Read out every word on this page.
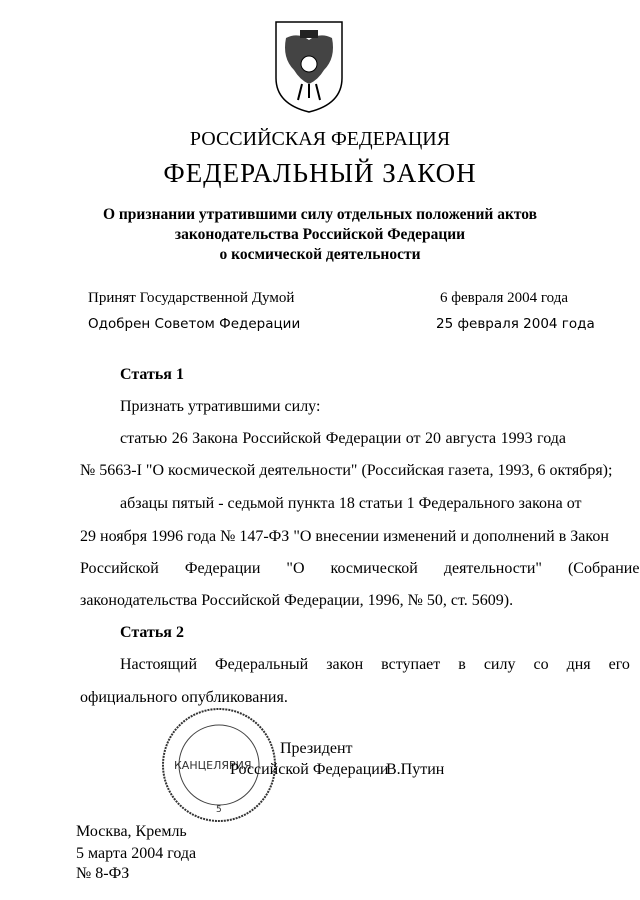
РОССИЙСКАЯ ФЕДЕРАЦИЯ
ФЕДЕРАЛЬНЫЙ ЗАКОН
О признании утратившими силу отдельных положений актов
законодательства Российской Федерации
о космической деятельности
Принят Государственной Думой	6 февраля 2004 года
Одобрен Советом Федерации	25 февраля 2004 года
Статья 1
Признать утратившими силу:
статью 26 Закона Российской Федерации от 20 августа 1993 года
№ 5663-I "О космической деятельности" (Российская газета, 1993, 6 октября);
абзацы пятый - седьмой пункта 18 статьи 1 Федерального закона от
29 ноября 1996 года № 147-ФЗ "О внесении изменений и дополнений в Закон
Российской Федерации "О космической деятельности" (Собрание
законодательства Российской Федерации, 1996, № 50, ст. 5609).
Статья 2
Настоящий Федеральный закон вступает в силу со дня его
официального опубликования.
КАНЦЕЛЯРИЯ
5
Президент
Российской Федерации
В.Путин
Москва, Кремль
5 марта 2004 года
№ 8-ФЗ
